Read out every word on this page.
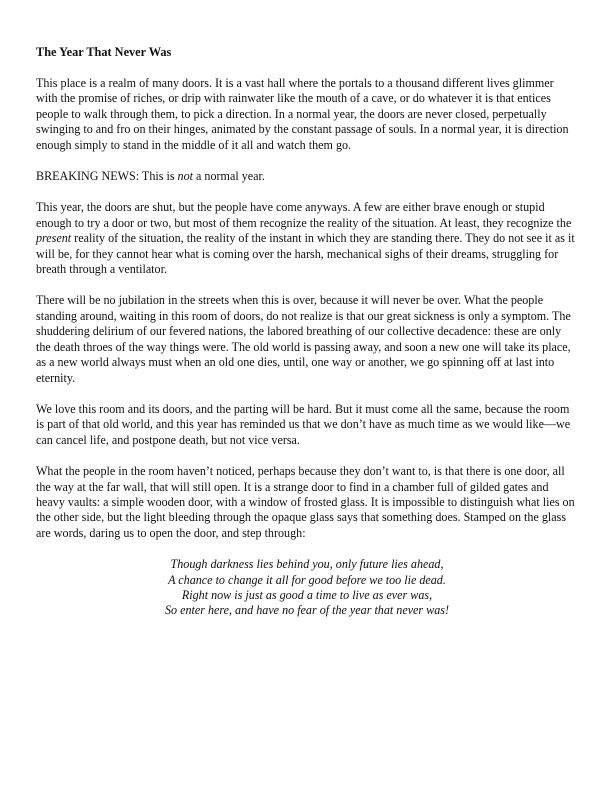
The Year That Never Was

This place is a realm of many doors. It is a vast hall where the portals to a thousand different lives glimmer with the promise of riches, or drip with rainwater like the mouth of a cave, or do whatever it is that entices people to walk through them, to pick a direction. In a normal year, the doors are never closed, perpetually swinging to and fro on their hinges, animated by the constant passage of souls. In a normal year, it is direction enough simply to stand in the middle of it all and watch them go.

BREAKING NEWS: This is not a normal year.

This year, the doors are shut, but the people have come anyways. A few are either brave enough or stupid enough to try a door or two, but most of them recognize the reality of the situation. At least, they recognize the present reality of the situation, the reality of the instant in which they are standing there. They do not see it as it will be, for they cannot hear what is coming over the harsh, mechanical sighs of their dreams, struggling for breath through a ventilator.

There will be no jubilation in the streets when this is over, because it will never be over. What the people standing around, waiting in this room of doors, do not realize is that our great sickness is only a symptom. The shuddering delirium of our fevered nations, the labored breathing of our collective decadence: these are only the death throes of the way things were. The old world is passing away, and soon a new one will take its place, as a new world always must when an old one dies, until, one way or another, we go spinning off at last into eternity.

We love this room and its doors, and the parting will be hard. But it must come all the same, because the room is part of that old world, and this year has reminded us that we don’t have as much time as we would like—we can cancel life, and postpone death, but not vice versa.

What the people in the room haven’t noticed, perhaps because they don’t want to, is that there is one door, all the way at the far wall, that will still open. It is a strange door to find in a chamber full of gilded gates and heavy vaults: a simple wooden door, with a window of frosted glass. It is impossible to distinguish what lies on the other side, but the light bleeding through the opaque glass says that something does. Stamped on the glass are words, daring us to open the door, and step through:

Though darkness lies behind you, only future lies ahead,
A chance to change it all for good before we too lie dead.
Right now is just as good a time to live as ever was,
So enter here, and have no fear of the year that never was!
